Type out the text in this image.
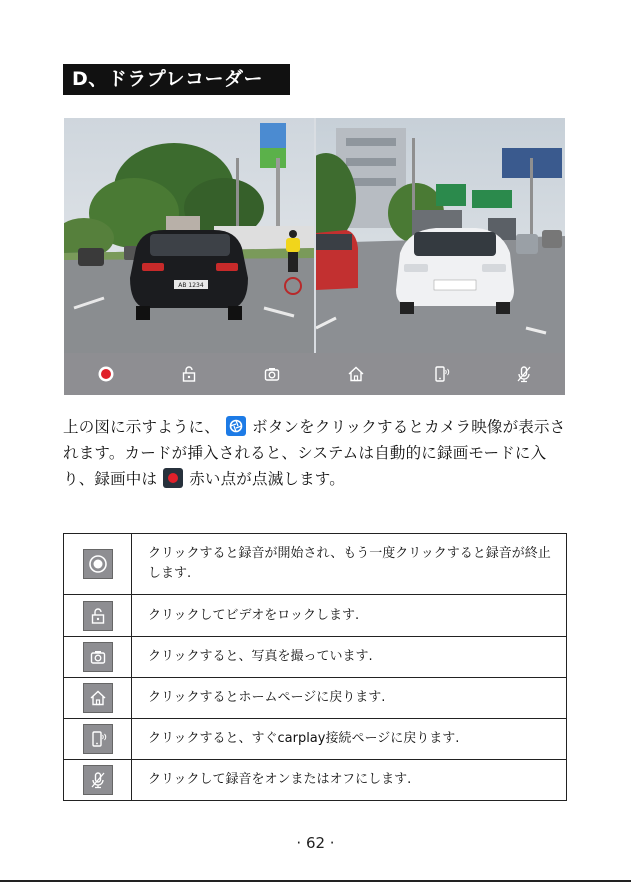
D、ドラプレコーダー
AB 1234
上の図に示すように、 ボタンをクリックするとカメラ映像が表示されます。カードが挿入されると、システムは自動的に録画モードに入り、録画中は 赤い点が点滅します。
	クリックすると録音が開始され、もう一度クリックすると録音が終止します.

	クリックしてビデオをロックします.

	クリックすると、写真を撮っています.

	クリックするとホームページに戻ります.

	クリックすると、すぐcarplay接続ページに戻ります.

	クリックして録音をオンまたはオフにします.
· 62 ·
